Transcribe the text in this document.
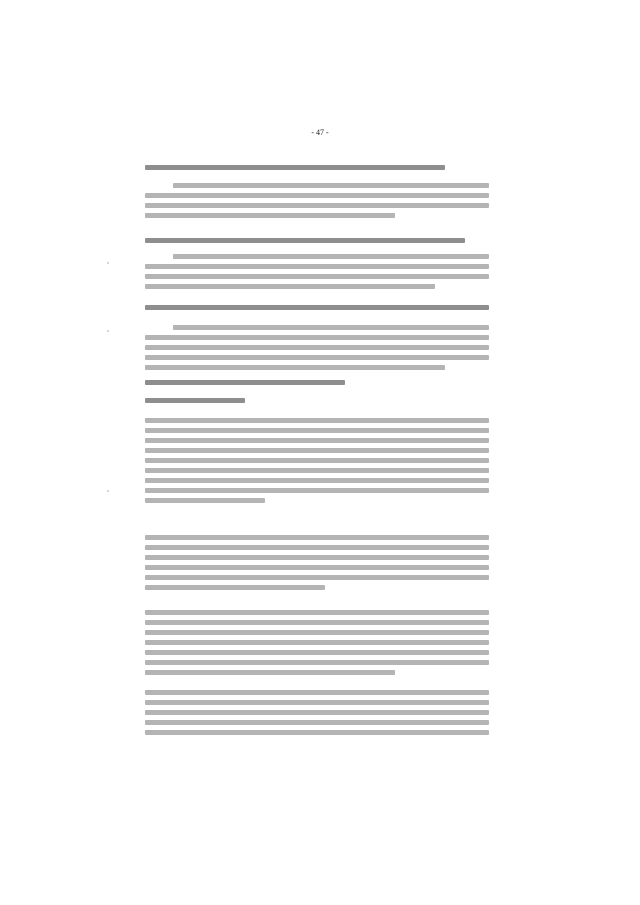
- 47 -
